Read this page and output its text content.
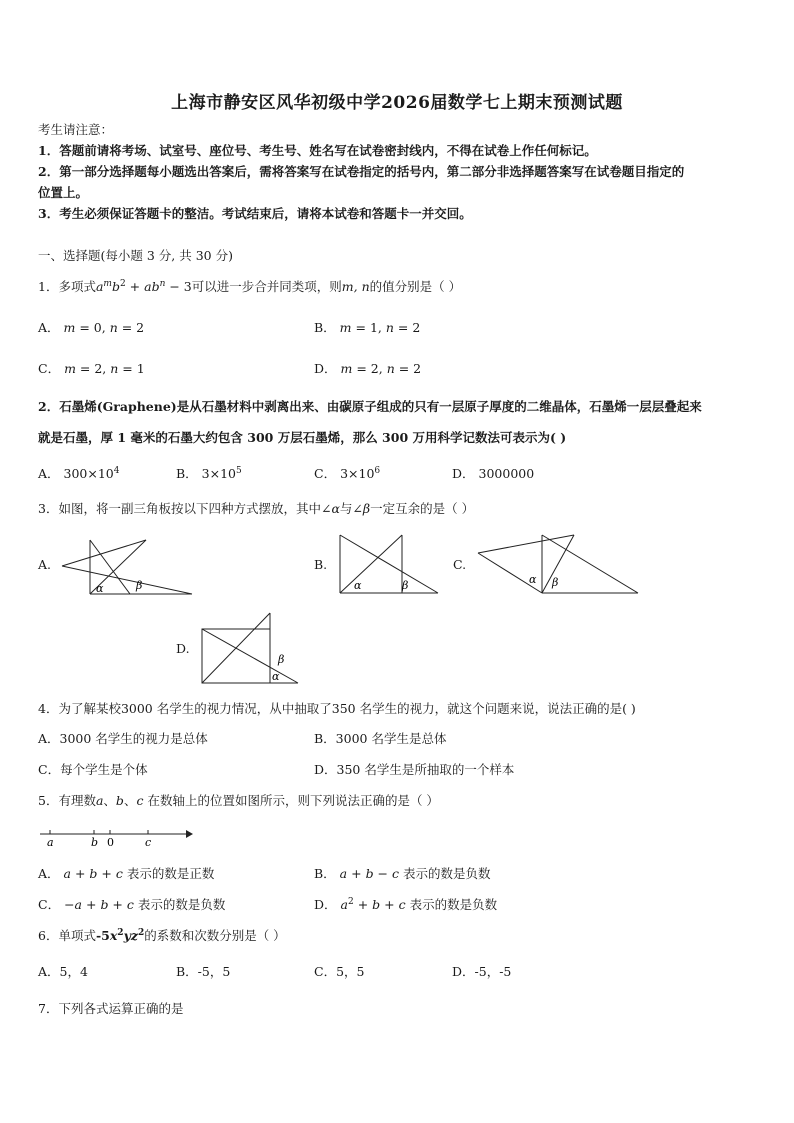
上海市静安区风华初级中学2026届数学七上期末预测试题
考生请注意：
1．答题前请将考场、试室号、座位号、考生号、姓名写在试卷密封线内，不得在试卷上作任何标记。
2．第一部分选择题每小题选出答案后，需将答案写在试卷指定的括号内，第二部分非选择题答案写在试卷题目指定的
位置上。
3．考生必须保证答题卡的整洁。考试结束后，请将本试卷和答题卡一并交回。
一、选择题(每小题 3 分, 共 30 分)
1．多项式$a^mb^2 + ab^n - 3$可以进一步合并同类项，则m, n的值分别是（ ）
A． m = 0, n = 2	B． m = 1, n = 2
C． m = 2, n = 1	D． m = 2, n = 2
2．石墨烯(Graphene)是从石墨材料中剥离出来、由碳原子组成的只有一层原子厚度的二维晶体，石墨烯一层层叠起来
就是石墨，厚 1 毫米的石墨大约包含 300 万层石墨烯，那么 300 万用科学记数法可表示为( )
A． $300\times 10^4$	B． $3\times 10^5$	C． $3\times 10^6$	D． 3000000
3．如图，将一副三角板按以下四种方式摆放，其中∠α与∠β一定互余的是（ ）
A.
α	β
B.
α	β
C.
α β
D.
β
α
4．为了解某校3000 名学生的视力情况，从中抽取了350 名学生的视力，就这个问题来说，说法正确的是( )
A．3000 名学生的视力是总体	B．3000 名学生是总体
C．每个学生是个体	D．350 名学生是所抽取的一个样本
5．有理数a、b、c 在数轴上的位置如图所示，则下列说法正确的是（ ）
a	b 0	c
A． a + b + c 表示的数是正数	B． a + b − c 表示的数是负数
C． −a + b + c 表示的数是负数	D． $a^2 + b + c$ 表示的数是负数
6．单项式$-5x^2yz^2$的系数和次数分别是（ ）
A．5，4	B．-5，5	C．5，5	D．-5，-5
7．下列各式运算正确的是
